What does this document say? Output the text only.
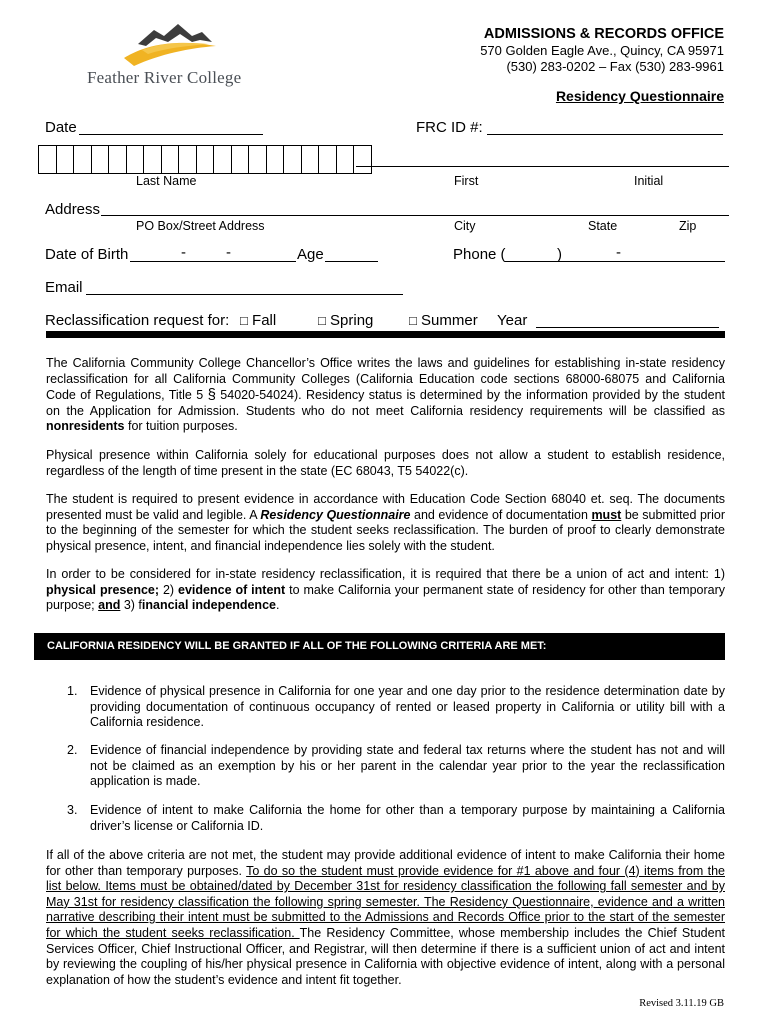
Feather River College
ADMISSIONS & RECORDS OFFICE
570 Golden Eagle Ave., Quincy, CA 95971
(530) 283-0202 – Fax (530) 283-9961
Residency Questionnaire
Date	FRC ID #:
Last Name	First	Initial
Address
PO Box/Street Address	City	State	Zip
Date of Birth	-	-	Age	Phone (	)	-
Email
Reclassification request for: □ Fall	□ Spring	□ Summer Year

The California Community College Chancellor’s Office writes the laws and guidelines for establishing in-state residency reclassification for all California Community Colleges (California Education code sections 68000-68075 and California Code of Regulations, Title 5 § 54020-54024). Residency status is determined by the information provided by the student on the Application for Admission. Students who do not meet California residency requirements will be classified as nonresidents for tuition purposes.

Physical presence within California solely for educational purposes does not allow a student to establish residence, regardless of the length of time present in the state (EC 68043, T5 54022(c).

The student is required to present evidence in accordance with Education Code Section 68040 et. seq. The documents presented must be valid and legible. A Residency Questionnaire and evidence of documentation must be submitted prior to the beginning of the semester for which the student seeks reclassification. The burden of proof to clearly demonstrate physical presence, intent, and financial independence lies solely with the student.

In order to be considered for in-state residency reclassification, it is required that there be a union of act and intent: 1) physical presence; 2) evidence of intent to make California your permanent state of residency for other than temporary purpose; and 3) financial independence.

CALIFORNIA RESIDENCY WILL BE GRANTED IF ALL OF THE FOLLOWING CRITERIA ARE MET:
1. Evidence of physical presence in California for one year and one day prior to the residence determination date by providing documentation of continuous occupancy of rented or leased property in California or utility bill with a California residence.
2. Evidence of financial independence by providing state and federal tax returns where the student has not and will not be claimed as an exemption by his or her parent in the calendar year prior to the year the reclassification application is made.
3. Evidence of intent to make California the home for other than a temporary purpose by maintaining a California driver’s license or California ID.

If all of the above criteria are not met, the student may provide additional evidence of intent to make California their home for other than temporary purposes. To do so the student must provide evidence for #1 above and four (4) items from the list below. Items must be obtained/dated by December 31st for residency classification the following fall semester and by May 31st for residency classification the following spring semester. The Residency Questionnaire, evidence and a written narrative describing their intent must be submitted to the Admissions and Records Office prior to the start of the semester for which the student seeks reclassification. The Residency Committee, whose membership includes the Chief Student Services Officer, Chief Instructional Officer, and Registrar, will then determine if there is a sufficient union of act and intent by reviewing the coupling of his/her physical presence in California with objective evidence of intent, along with a personal explanation of how the student’s evidence and intent fit together.

Revised 3.11.19 GB
